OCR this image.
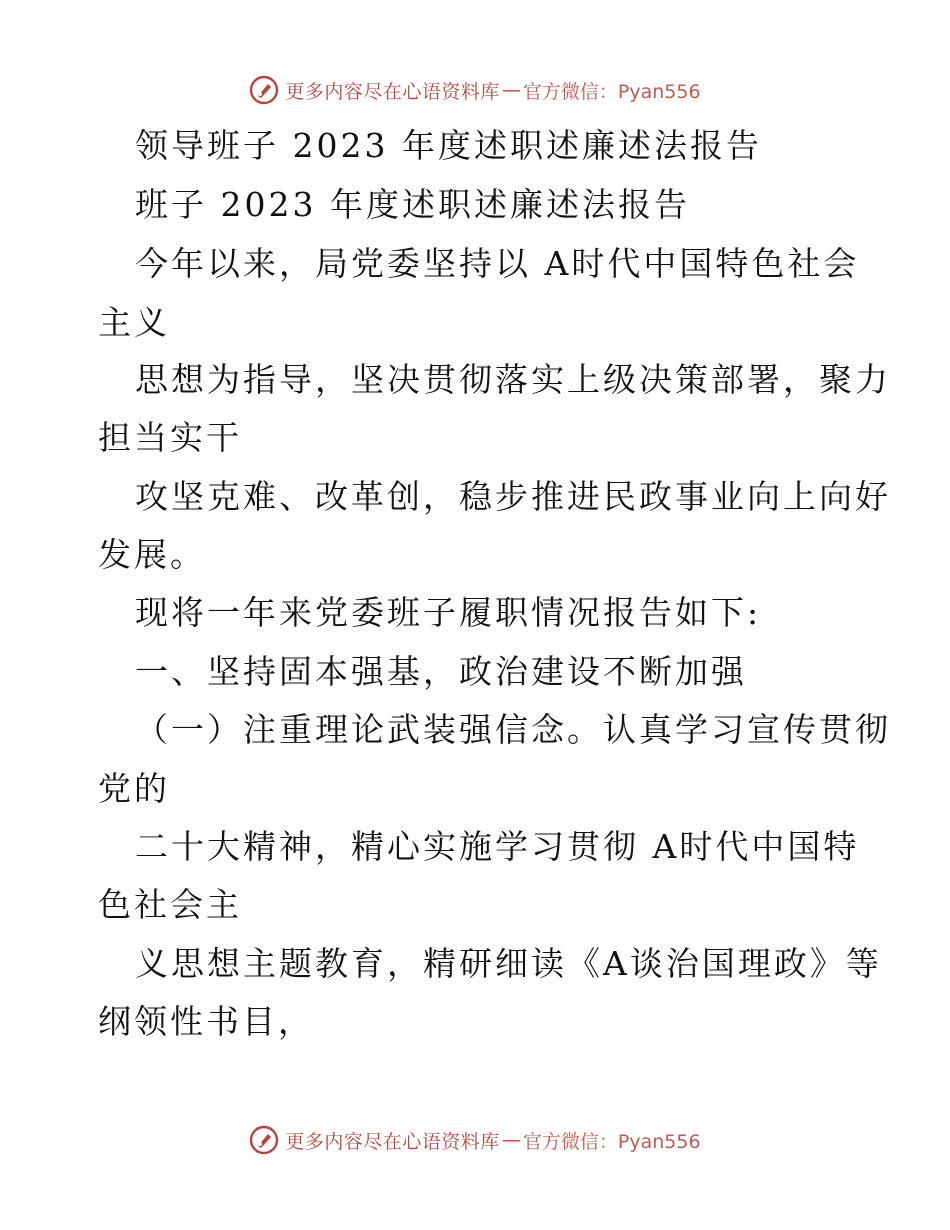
更多内容尽在心语资料库 — 官方微信：Pyan556
领导班子 2023 年度述职述廉述法报告
班子 2023 年度述职述廉述法报告
今年以来，局党委坚持以 A时代中国特色社会
主义
思想为指导，坚决贯彻落实上级决策部署，聚力
担当实干
攻坚克难、改革创，稳步推进民政事业向上向好
发展。
现将一年来党委班子履职情况报告如下:
一、坚持固本强基，政治建设不断加强
（一）注重理论武装强信念。认真学习宣传贯彻
党的
二十大精神，精心实施学习贯彻 A时代中国特
色社会主
义思想主题教育，精研细读《A谈治国理政》等
纲领性书目，
更多内容尽在心语资料库 — 官方微信：Pyan556
